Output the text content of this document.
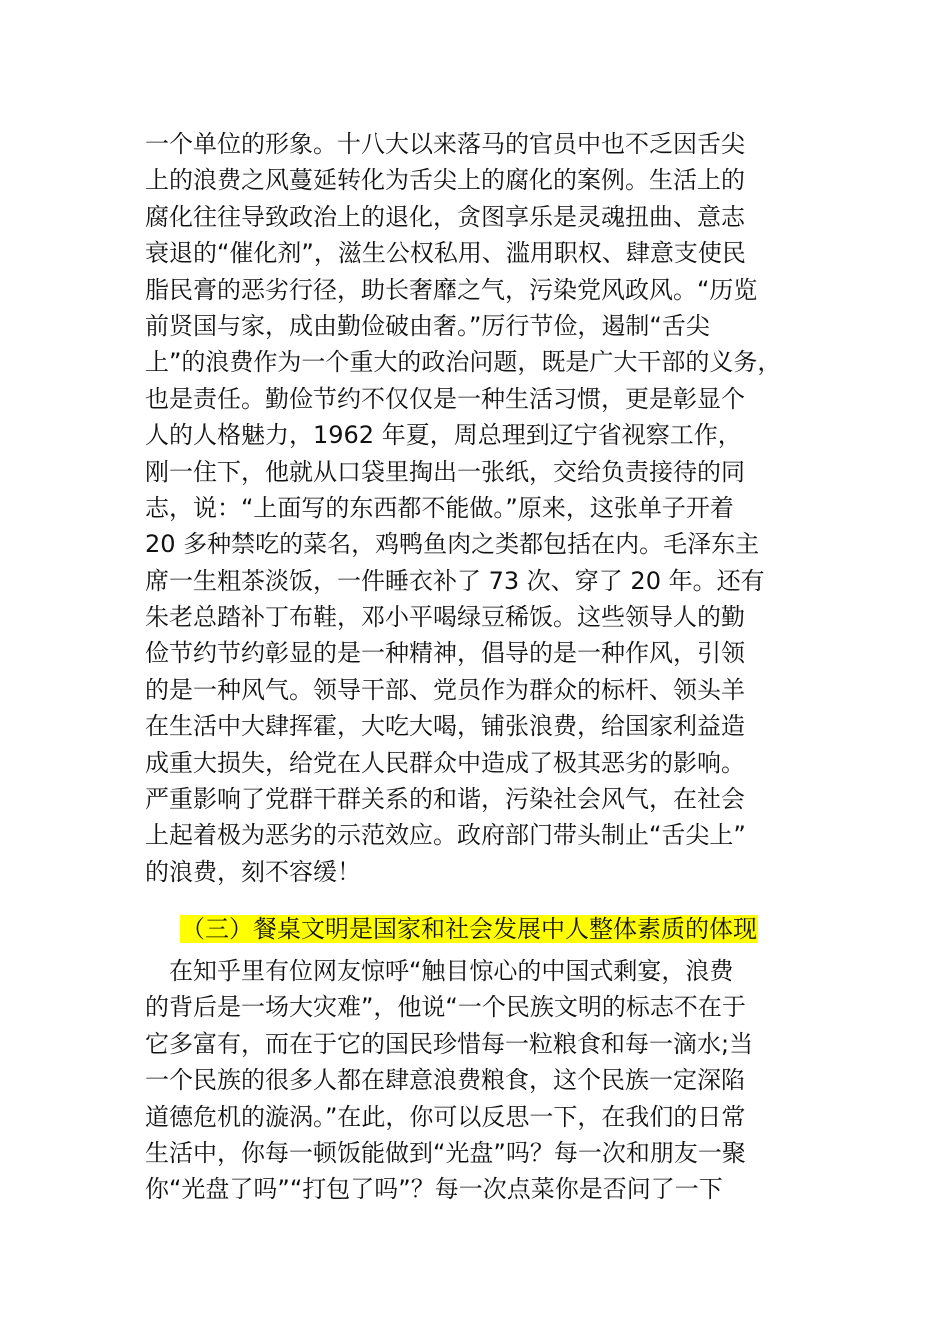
一个单位的形象。十八大以来落马的官员中也不乏因舌尖
上的浪费之风蔓延转化为舌尖上的腐化的案例。生活上的
腐化往往导致政治上的退化，贪图享乐是灵魂扭曲、意志
衰退的“催化剂”，滋生公权私用、滥用职权、肆意支使民
脂民膏的恶劣行径，助长奢靡之气，污染党风政风。“历览
前贤国与家，成由勤俭破由奢。”厉行节俭，遏制“舌尖
上”的浪费作为一个重大的政治问题，既是广大干部的义务，
也是责任。勤俭节约不仅仅是一种生活习惯，更是彰显个
人的人格魅力，1962 年夏，周总理到辽宁省视察工作，
刚一住下，他就从口袋里掏出一张纸，交给负责接待的同
志，说：“上面写的东西都不能做。”原来，这张单子开着
20 多种禁吃的菜名，鸡鸭鱼肉之类都包括在内。毛泽东主
席一生粗茶淡饭，一件睡衣补了 73 次、穿了 20 年。还有
朱老总踏补丁布鞋，邓小平喝绿豆稀饭。这些领导人的勤
俭节约节约彰显的是一种精神，倡导的是一种作风，引领
的是一种风气。领导干部、党员作为群众的标杆、领头羊
在生活中大肆挥霍，大吃大喝，铺张浪费，给国家利益造
成重大损失，给党在人民群众中造成了极其恶劣的影响。
严重影响了党群干群关系的和谐，污染社会风气，在社会
上起着极为恶劣的示范效应。政府部门带头制止“舌尖上”
的浪费，刻不容缓！
（三）餐桌文明是国家和社会发展中人整体素质的体现
　在知乎里有位网友惊呼“触目惊心的中国式剩宴，浪费
的背后是一场大灾难”，他说“一个民族文明的标志不在于
它多富有，而在于它的国民珍惜每一粒粮食和每一滴水;当
一个民族的很多人都在肆意浪费粮食，这个民族一定深陷
道德危机的漩涡。”在此，你可以反思一下，在我们的日常
生活中，你每一顿饭能做到“光盘”吗？每一次和朋友一聚
你“光盘了吗”“打包了吗”？每一次点菜你是否问了一下
